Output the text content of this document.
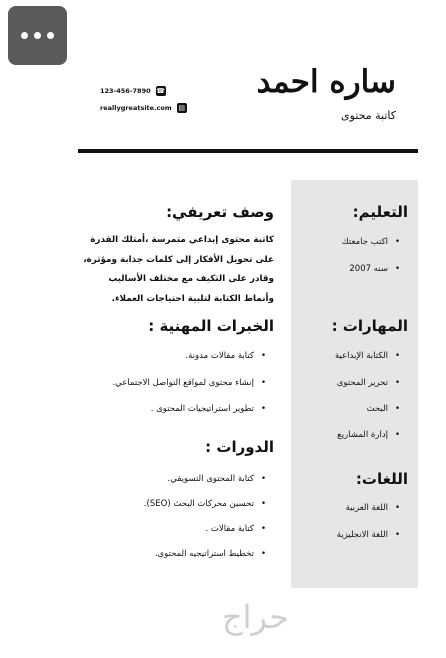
ساره احمد
كاتبة محتوى
123-456-7890 ☎
reallygreatsite.com ▤
التعليم:
• اكتب جامعتك
• سنه 2007
المهارات :
• الكتابة الإبداعية
• تحرير المحتوى
• البحث
• إدارة المشاريع
اللغات:
• اللغة العربية
• اللغة الانجليزية
وصف تعريفي:
كاتبة محتوى إبداعي متمرسة ،أمتلك القدرة على تحويل الأفكار إلى كلمات جذابة ومؤثرة، وقادر على التكيف مع مختلف الأساليب وأنماط الكتابة لتلبية احتياجات العملاء.
الخبرات المهنية :
• كتابة مقالات مدونة.
• إنشاء محتوى لمواقع التواصل الاجتماعي.
• تطوير استراتيجيات المحتوى .
الدورات :
• كتابة المحتوى التسويقي.
• تحسين محركات البحث (SEO).
• كتابة مقالات .
• تخطيط استراتيجيه المحتوى.
حراج
